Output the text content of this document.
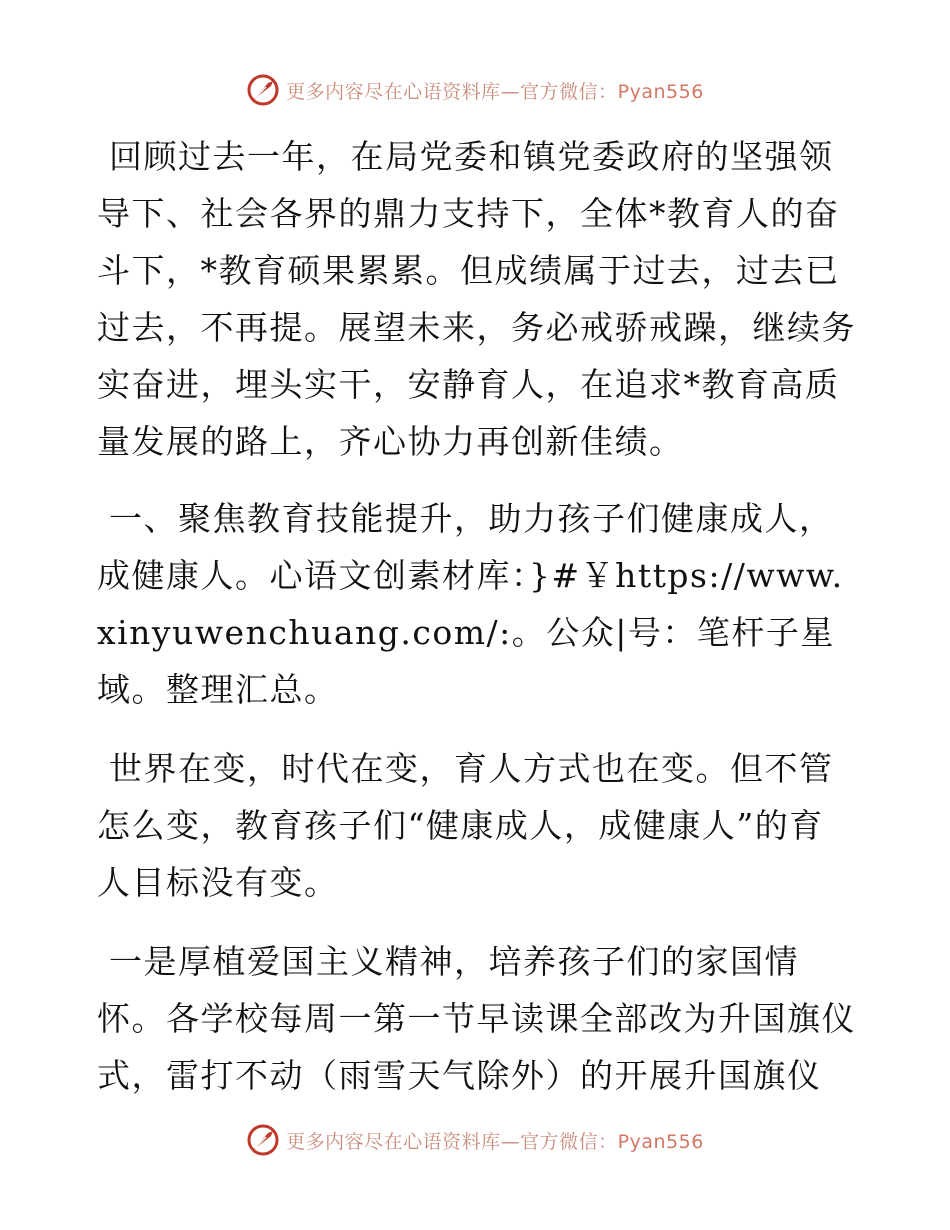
更多内容尽在心语资料库—官方微信：Pyan556

回顾过去一年，在局党委和镇党委政府的坚强领导下、社会各界的鼎力支持下，全体*教育人的奋斗下，*教育硕果累累。但成绩属于过去，过去已过去，不再提。展望未来，务必戒骄戒躁，继续务实奋进，埋头实干，安静育人，在追求*教育高质量发展的路上，齐心协力再创新佳绩。

一、聚焦教育技能提升，助力孩子们健康成人，成健康人。心语文创素材库：}#￥https://www.xinyuwenchuang.com/:。公众|号：笔杆子星域。整理汇总。

世界在变，时代在变，育人方式也在变。但不管怎么变，教育孩子们“健康成人，成健康人”的育人目标没有变。

一是厚植爱国主义精神，培养孩子们的家国情怀。各学校每周一第一节早读课全部改为升国旗仪式，雷打不动（雨雪天气除外）的开展升国旗仪

更多内容尽在心语资料库—官方微信：Pyan556
